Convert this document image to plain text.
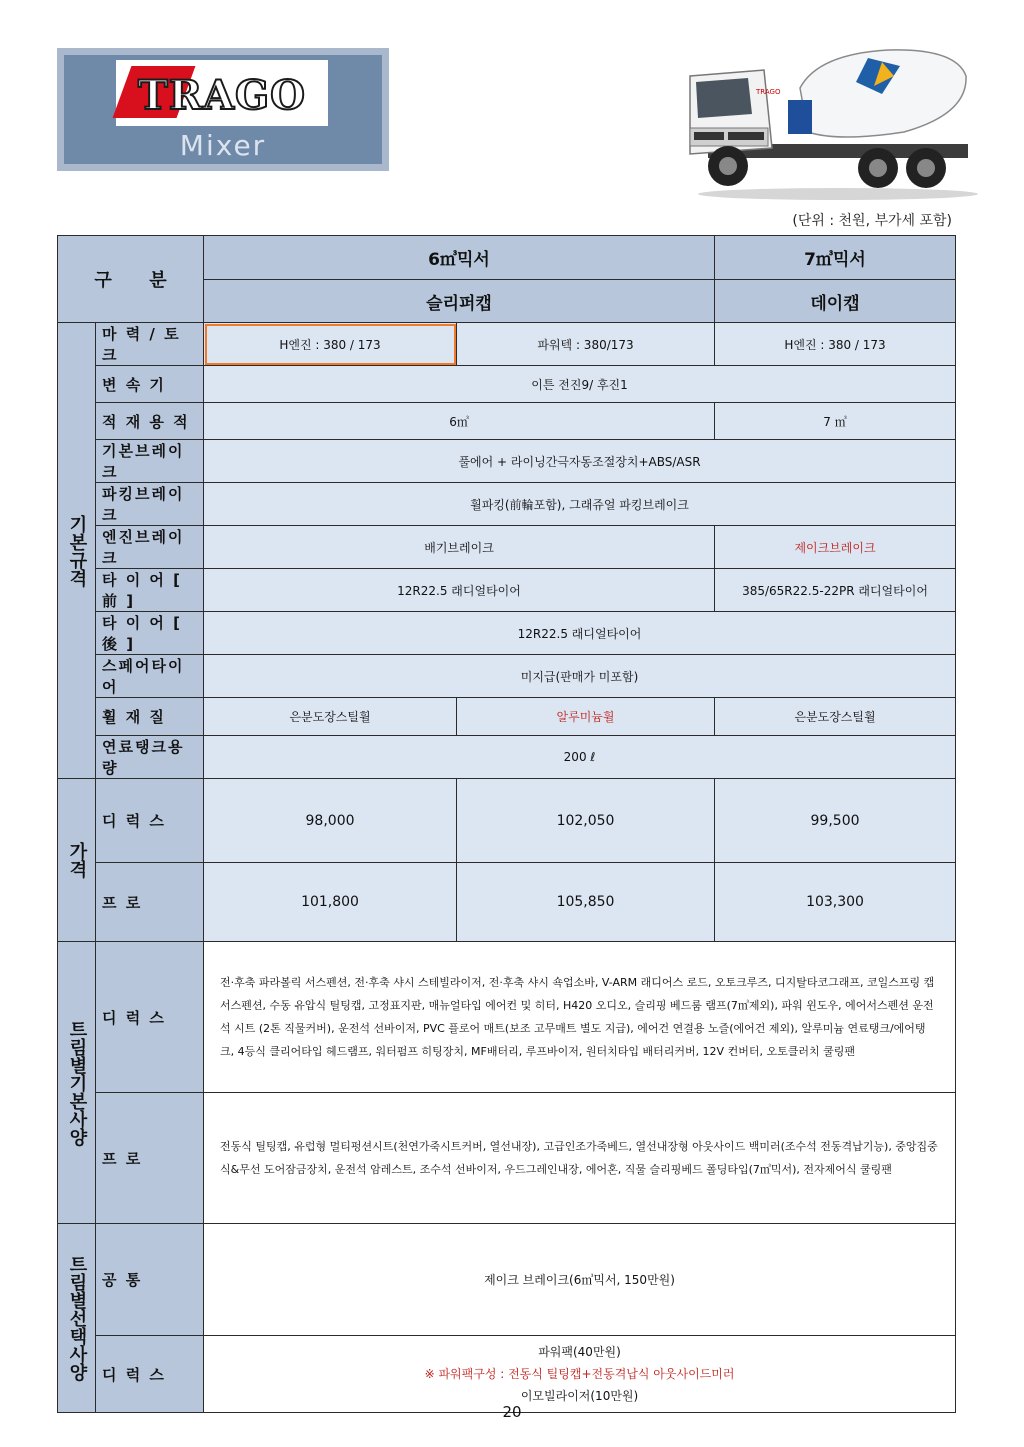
TRAGO
Mixer
TRAGO
(단위 : 천원, 부가세 포함)
구      분		6㎥믹서		7㎥믹서
		슬리퍼캡		데이캡

기본규격	마 력 / 토 크	H엔진 : 380 / 173	파워텍 : 380/173	H엔진 : 380 / 173
	변 속 기	이튼 전진9/ 후진1		
	적 재 용 적	6㎥		7 ㎥
	기본브레이크	풀에어 + 라이닝간극자동조절장치+ABS/ASR		
	파킹브레이크	휠파킹(前輪포함), 그래쥬얼 파킹브레이크		
	엔진브레이크	배기브레이크		제이크브레이크
	타 이 어 [ 前 ]	12R22.5 래디얼타이어		385/65R22.5-22PR 래디얼타이어
	타 이 어 [ 後 ]	12R22.5 래디얼타이어		
	스페어타이어	미지급(판매가 미포함)		
	휠 재 질	은분도장스틸휠	알루미늄휠	은분도장스틸휠
	연료탱크용량	200 ℓ		

가격	디 럭 스	98,000	102,050	99,500
	프 로	101,800	105,850	103,300

트림별기본사양	디 럭 스	전·후축 파라볼릭 서스펜션, 전·후축 샤시 스테빌라이저, 전·후축 샤시 쇽업소바, V-ARM 래디어스 로드, 오토크루즈, 디지탈타코그래프, 코일스프링 캡서스펜션, 수동 유압식 틸팅캡, 고정표지판, 매뉴얼타입 에어컨 및 히터, H420 오디오, 슬리핑 베드룸 램프(7㎥제외), 파워 윈도우, 에어서스펜션 운전석 시트 (2톤 직물커버), 운전석 선바이저, PVC 플로어 매트(보조 고무매트 별도 지급), 에어건 연결용 노즐(에어건 제외), 알루미늄 연료탱크/에어탱크, 4등식 클리어타입 헤드램프, 워터펌프 히팅장치, MF배터리, 루프바이저, 원터치타입 배터리커버, 12V 컨버터, 오토클러치 쿨링팬		
	프 로	전동식 틸팅캡, 유럽형 멀티펑션시트(천연가죽시트커버, 열선내장), 고급인조가죽베드, 열선내장형 아웃사이드 백미러(조수석 전동격납기능), 중앙집중식&무선 도어잠금장치, 운전석 암레스트, 조수석 선바이저, 우드그레인내장, 에어혼, 직물 슬리핑베드 폴딩타입(7㎥믹서), 전자제어식 쿨링팬		

트림별선택사양	공 통	제이크 브레이크(6㎥믹서, 150만원)		
	디 럭 스	파워팩(40만원)
※ 파워팩구성 : 전동식 틸팅캡+전동격납식 아웃사이드미러
이모빌라이저(10만원)		
20
